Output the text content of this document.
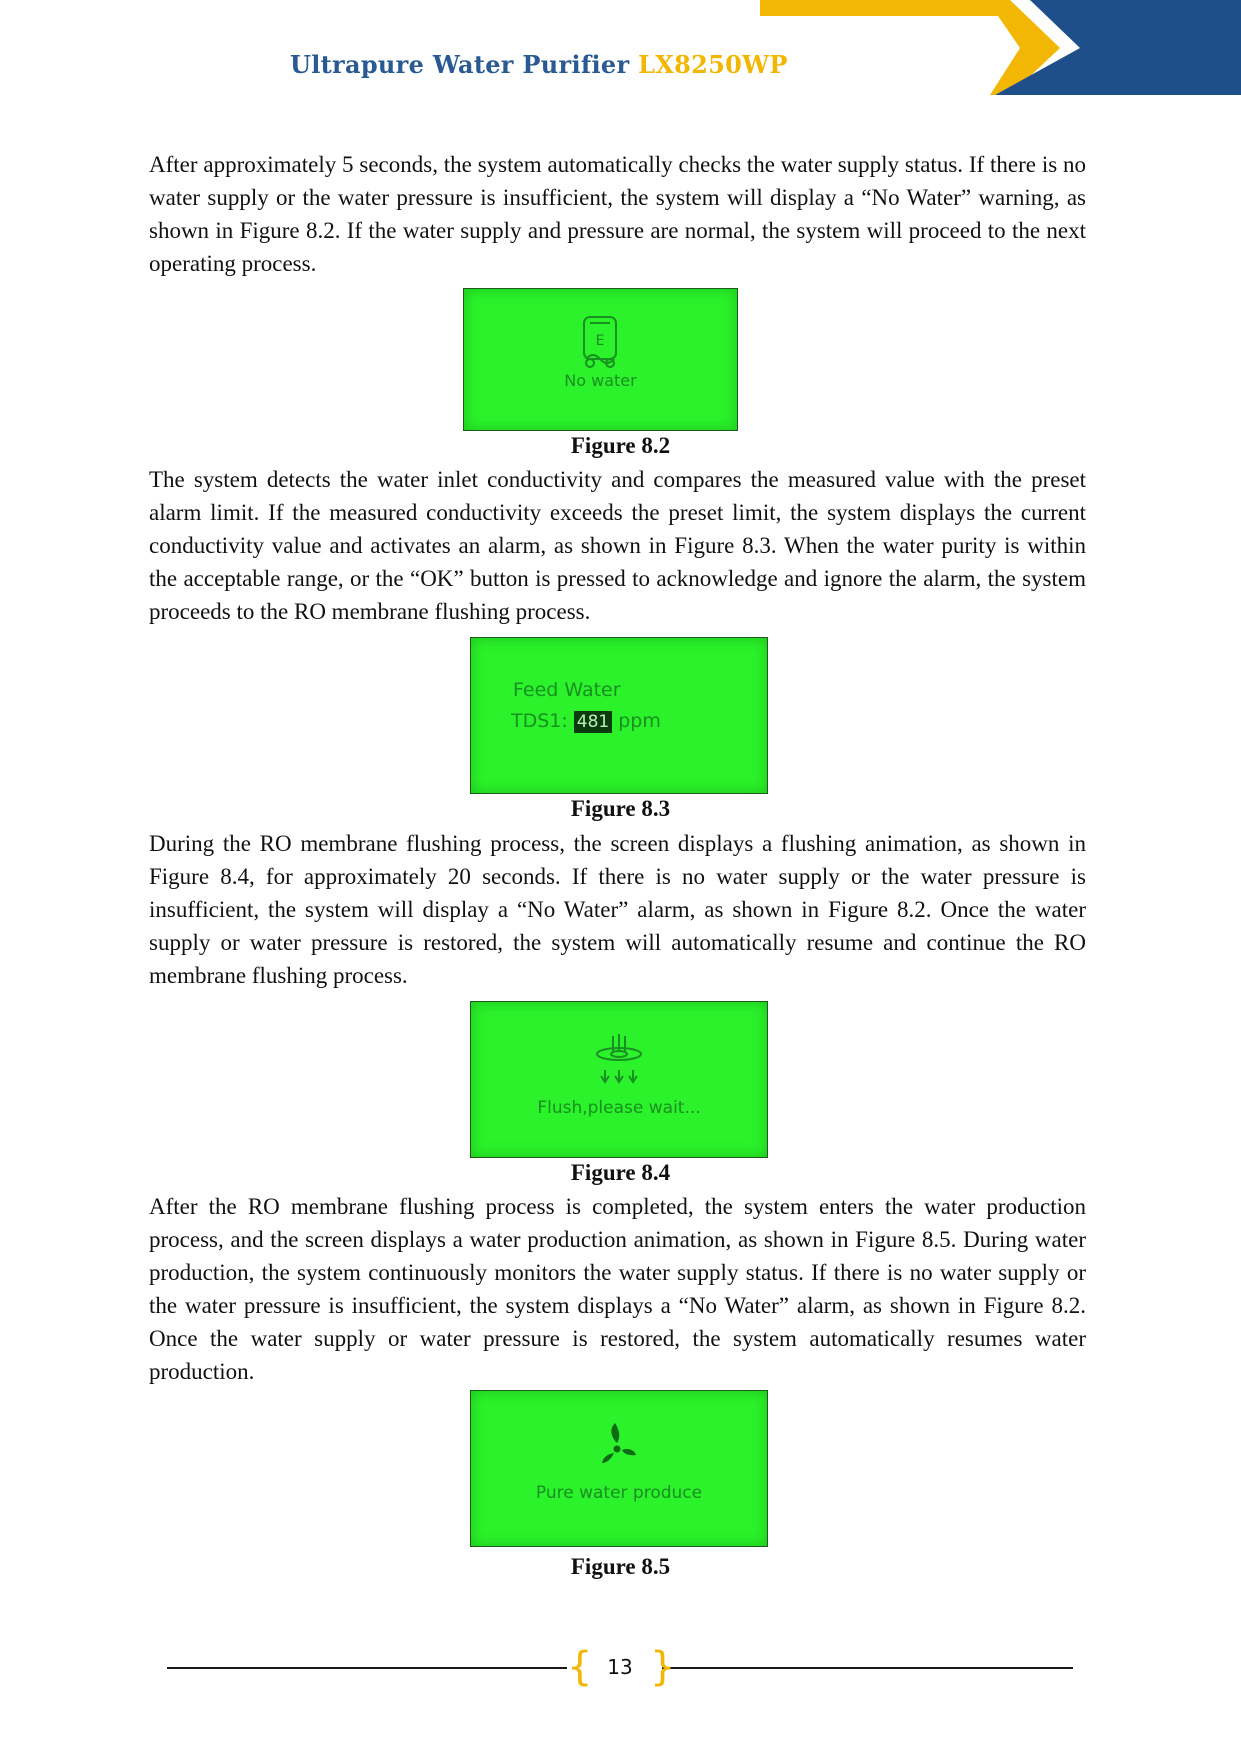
Ultrapure Water Purifier LX8250WP

After approximately 5 seconds, the system automatically checks the water supply status. If there is no water supply or the water pressure is insufficient, the system will display a “No Water” warning, as shown in Figure 8.2. If the water supply and pressure are normal, the system will proceed to the next operating process.

E
No water
Figure 8.2

The system detects the water inlet conductivity and compares the measured value with the preset alarm limit. If the measured conductivity exceeds the preset limit, the system displays the current conductivity value and activates an alarm, as shown in Figure 8.3. When the water purity is within the acceptable range, or the “OK” button is pressed to acknowledge and ignore the alarm, the system proceeds to the RO membrane flushing process.

Feed Water
TDS1: 481 ppm
Figure 8.3

During the RO membrane flushing process, the screen displays a flushing animation, as shown in Figure 8.4, for approximately 20 seconds. If there is no water supply or the water pressure is insufficient, the system will display a “No Water” alarm, as shown in Figure 8.2. Once the water supply or water pressure is restored, the system will automatically resume and continue the RO membrane flushing process.

Flush,please wait...
Figure 8.4

After the RO membrane flushing process is completed, the system enters the water production process, and the screen displays a water production animation, as shown in Figure 8.5. During water production, the system continuously monitors the water supply status. If there is no water supply or the water pressure is insufficient, the system displays a “No Water” alarm, as shown in Figure 8.2. Once the water supply or water pressure is restored, the system automatically resumes water production.

Pure water produce
Figure 8.5
{ }
13
